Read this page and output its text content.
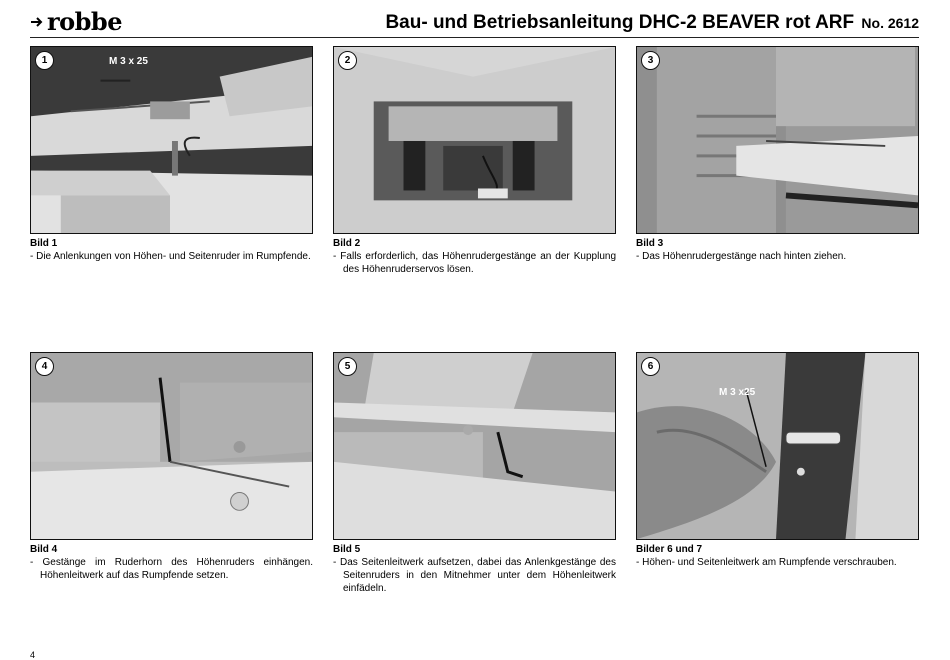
robbe	Bau- und Betriebsanleitung DHC-2 BEAVER rot ARF No. 2612
1	M 3 x 25
Bild 1
- Die Anlenkungen von Höhen- und Seitenruder im Rumpfende.
2
Bild 2
- Falls erforderlich, das Höhenrudergestänge an der Kupplung des Höhenruderservos lösen.
3
Bild 3
- Das Höhenrudergestänge nach hinten ziehen.
4
Bild 4
- Gestänge im Ruderhorn des Höhenruders einhängen. Höhenleitwerk auf das Rumpfende setzen.
5
Bild 5
- Das Seitenleitwerk aufsetzen, dabei das Anlenkgestänge des Seitenruders in den Mitnehmer unter dem Höhenleitwerk einfädeln.
6
M 3 x25
Bilder 6 und 7
- Höhen- und Seitenleitwerk am Rumpfende verschrauben.
4
